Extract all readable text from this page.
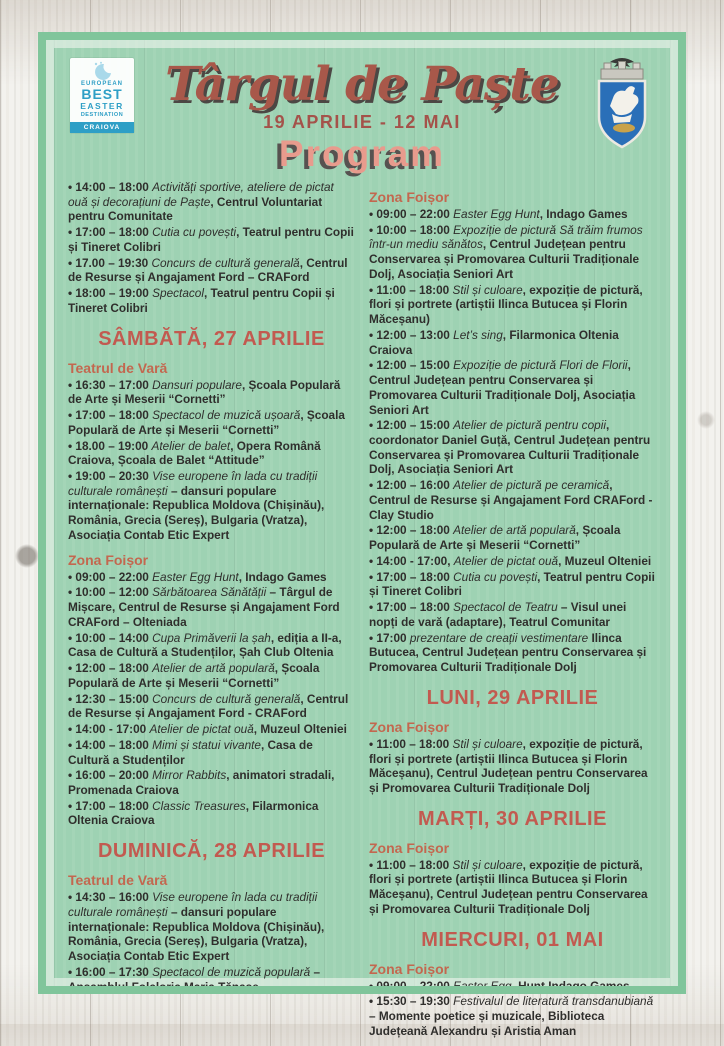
EUROPEAN
BEST
EASTER
DESTINATION
CRAIOVA
Târgul de Paște
19 APRILIE - 12 MAI
Program
• 14:00 – 18:00 Activități sportive, ateliere de pictat ouă și decorațiuni de Paște, Centrul Voluntariat pentru Comunitate
• 17:00 – 18:00 Cutia cu povești, Teatrul pentru Copii și Tineret Colibri
• 17.00 – 19:30 Concurs de cultură generală, Centrul de Resurse și Angajament Ford – CRAFord
• 18:00 – 19:00 Spectacol, Teatrul pentru Copii și Tineret Colibri
SÂMBĂTĂ, 27 APRILIE
Teatrul de Vară
• 16:30 – 17:00 Dansuri populare, Școala Populară de Arte și Meserii “Cornetti”
• 17:00 – 18:00 Spectacol de muzică ușoară, Școala Populară de Arte și Meserii “Cornetti”
• 18.00 – 19:00 Atelier de balet, Opera Română Craiova, Școala de Balet “Attitude”
• 19:00 – 20:30 Vise europene în lada cu tradiții culturale românești – dansuri populare internaționale: Republica Moldova (Chișinău), România, Grecia (Sereș), Bulgaria (Vratza), Asociația Contab Etic Expert
Zona Foișor
• 09:00 – 22:00 Easter Egg Hunt, Indago Games
• 10:00 – 12:00 Sărbătoarea Sănătății – Târgul de Mișcare, Centrul de Resurse și Angajament Ford CRAFord – Olteniada
• 10:00 – 14:00 Cupa Primăverii la șah, ediția a II-a, Casa de Cultură a Studenților, Șah Club Oltenia
• 12:00 – 18:00 Atelier de artă populară, Școala Populară de Arte și Meserii “Cornetti”
• 12:30 – 15:00 Concurs de cultură generală, Centrul de Resurse și Angajament Ford - CRAFord
• 14:00 - 17:00 Atelier de pictat ouă, Muzeul Olteniei
• 14:00 – 18:00 Mimi și statui vivante, Casa de Cultură a Studenților
• 16:00 – 20:00 Mirror Rabbits, animatori stradali, Promenada Craiova
• 17:00 – 18:00 Classic Treasures, Filarmonica Oltenia Craiova
DUMINICĂ, 28 APRILIE
Teatrul de Vară
• 14:30 – 16:00 Vise europene în lada cu tradiții culturale românești – dansuri populare internaționale: Republica Moldova (Chișinău), România, Grecia (Sereș), Bulgaria (Vratza), Asociația Contab Etic Expert
• 16:00 – 17:30 Spectacol de muzică populară – Ansamblul Folcloric Maria Tănase
Zona Foișor
• 09:00 – 22:00 Easter Egg Hunt, Indago Games
• 10:00 – 18:00 Expoziție de pictură Să trăim frumos într-un mediu sănătos, Centrul Județean pentru Conservarea și Promovarea Culturii Tradiționale Dolj, Asociația Seniori Art
• 11:00 – 18:00 Stil și culoare, expoziție de pictură, flori și portrete (artiștii Ilinca Butucea și Florin Măceșanu)
• 12:00 – 13:00 Let’s sing, Filarmonica Oltenia Craiova
• 12:00 – 15:00 Expoziție de pictură Flori de Florii, Centrul Județean pentru Conservarea și Promovarea Culturii Tradiționale Dolj, Asociația Seniori Art
• 12:00 – 15:00 Atelier de pictură pentru copii, coordonator Daniel Guță, Centrul Județean pentru Conservarea și Promovarea Culturii Tradiționale Dolj, Asociația Seniori Art
• 12:00 – 16:00 Atelier de pictură pe ceramică, Centrul de Resurse și Angajament Ford CRAFord - Clay Studio
• 12:00 – 18:00 Atelier de artă populară, Școala Populară de Arte și Meserii “Cornetti”
• 14:00 - 17:00, Atelier de pictat ouă, Muzeul Olteniei
• 17:00 – 18:00 Cutia cu povești, Teatrul pentru Copii și Tineret Colibri
• 17:00 – 18:00 Spectacol de Teatru – Visul unei nopți de vară (adaptare), Teatrul Comunitar
• 17:00 prezentare de creații vestimentare Ilinca Butucea, Centrul Județean pentru Conservarea și Promovarea Culturii Tradiționale Dolj
LUNI, 29 APRILIE
Zona Foișor
• 11:00 – 18:00 Stil și culoare, expoziție de pictură, flori și portrete (artiștii Ilinca Butucea și Florin Măceșanu), Centrul Județean pentru Conservarea și Promovarea Culturii Tradiționale Dolj
MARȚI, 30 APRILIE
Zona Foișor
• 11:00 – 18:00 Stil și culoare, expoziție de pictură, flori și portrete (artiștii Ilinca Butucea și Florin Măceșanu), Centrul Județean pentru Conservarea și Promovarea Culturii Tradiționale Dolj
MIERCURI, 01 MAI
Zona Foișor
• 09:00 – 22:00 Easter Egg, Hunt Indago Games
• 15:30 – 19:30 Festivalul de literatură transdanubiană – Momente poetice și muzicale, Biblioteca Județeană Alexandru și Aristia Aman
